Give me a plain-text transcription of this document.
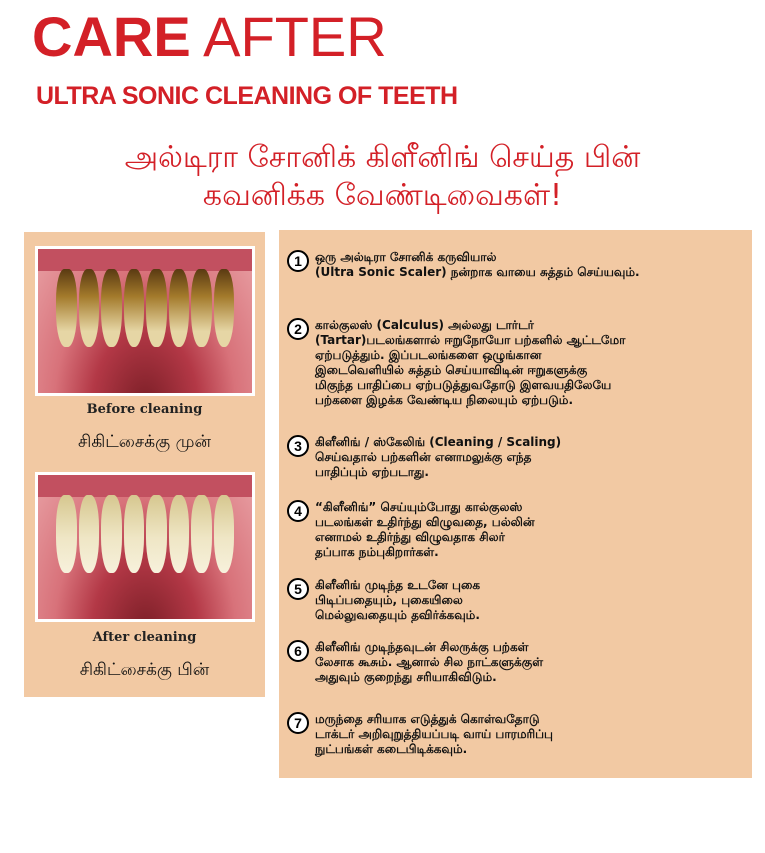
CARE AFTER
ULTRA SONIC CLEANING OF TEETH
அல்டிரா சோனிக் கிளீனிங் செய்த பின்
கவனிக்க வேண்டிவைகள்!
Before cleaning
சிகிட்சைக்கு முன்
After cleaning
சிகிட்சைக்கு பின்
1	ஒரு அல்டிரா சோனிக் கருவியால்
(Ultra Sonic Scaler) நன்றாக வாயை சுத்தம் செய்யவும்.
2	கால்குலஸ் (Calculus) அல்லது டார்டர்
(Tartar)படலங்களால் ஈறுநோயோ பற்களில் ஆட்டமோ
ஏற்படுத்தும். இப்படலங்களை ஒழுங்கான
இடைவெளியில் சுத்தம் செய்யாவிடின் ஈறுகளுக்கு
மிகுந்த பாதிப்பை ஏற்படுத்துவதோடு இளவயதிலேயே
பற்களை இழக்க வேண்டிய நிலையும் ஏற்படும்.
3	கிளீனிங் / ஸ்கேலிங் (Cleaning / Scaling)
செய்வதால் பற்களின் எனாமலுக்கு எந்த
பாதிப்பும் ஏற்படாது.
4	“கிளீனிங்” செய்யும்போது கால்குலஸ்
படலங்கள் உதிர்ந்து விழுவதை, பல்லின்
எனாமல் உதிர்ந்து விழுவதாக சிலர்
தப்பாக நம்புகிறார்கள்.
5	கிளீனிங் முடிந்த உடனே புகை
பிடிப்பதையும், புகையிலை
மெல்லுவதையும் தவிர்க்கவும்.
6	கிளீனிங் முடிந்தவுடன் சிலருக்கு பற்கள்
லேசாக கூசும். ஆனால் சில நாட்களுக்குள்
அதுவும் குறைந்து சரியாகிவிடும்.
7	மருந்தை சரியாக எடுத்துக் கொள்வதோடு
டாக்டர் அறிவுறுத்தியப்படி வாய் பாரமரிப்பு
நுட்பங்கள் கடைபிடிக்கவும்.
